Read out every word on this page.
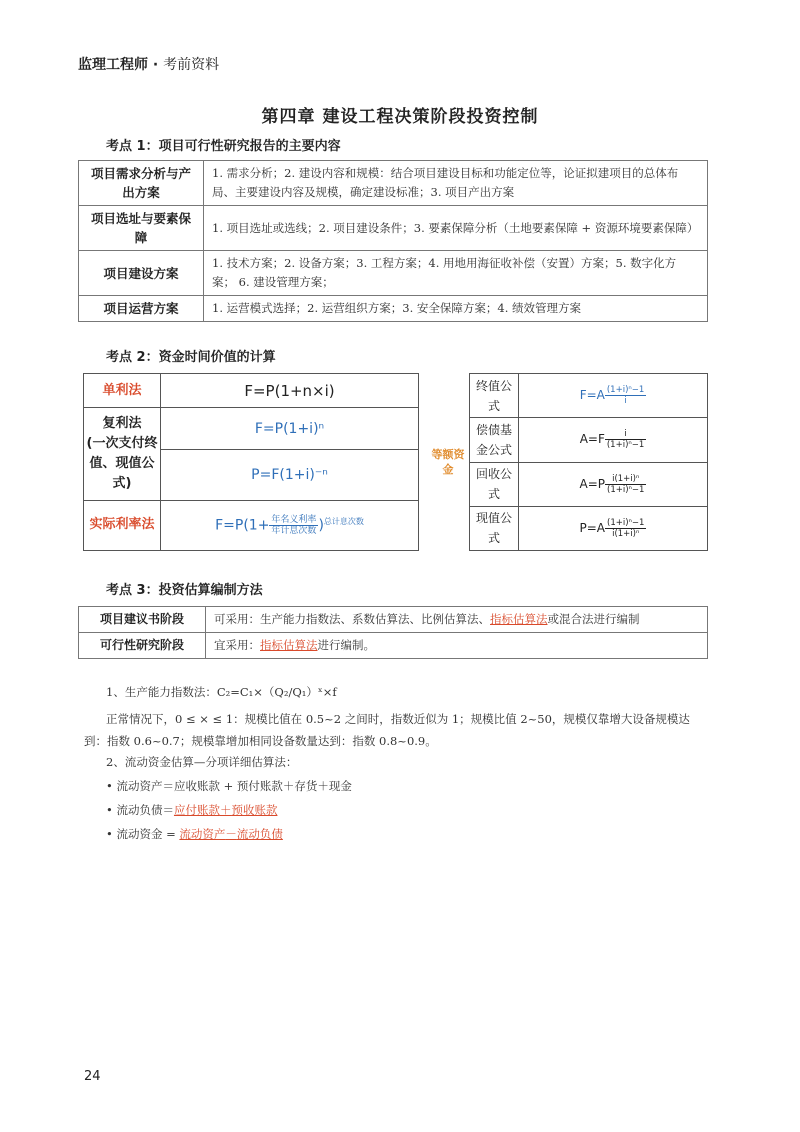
监理工程师 · 考前资料
第四章 建设工程决策阶段投资控制
考点 1：项目可行性研究报告的主要内容
项目需求分析与产出方案	1. 需求分析；2. 建设内容和规模：结合项目建设目标和功能定位等，论证拟建项目的总体布局、主要建设内容及规模，确定建设标准；3. 项目产出方案
项目选址与要素保障	1. 项目选址或选线；2. 项目建设条件；3. 要素保障分析（土地要素保障 + 资源环境要素保障）
项目建设方案	1. 技术方案；2. 设备方案；3. 工程方案；4. 用地用海征收补偿（安置）方案；5. 数字化方案； 6. 建设管理方案；
项目运营方案	1. 运营模式选择；2. 运营组织方案；3. 安全保障方案；4. 绩效管理方案
考点 2：资金时间价值的计算
单利法	F=P(1+n×i)

复利法
(一次支付终值、现值公式)	F=P(1+i)ⁿ
	P=F(1+i)⁻ⁿ
实际利率法	$F=P(1+ \frac{\text{年名义利率}}{\text{年计息次数}} )^{总计息次数}$
等额资金	终值公式	$F=A \frac{\text{(1+i)ⁿ−1}}{i}$

	偿债基金公式	$A=F \frac{i}{\text{(1+i)ⁿ−1}}$

	回收公式	$A=P \frac{\text{i(1+i)ⁿ}}{\text{(1+i)ⁿ−1}}$

	现值公式	$P=A \frac{\text{(1+i)ⁿ−1}}{\text{i(1+i)ⁿ}}$
考点 3：投资估算编制方法
项目建议书阶段	可采用：生产能力指数法、系数估算法、比例估算法、指标估算法或混合法进行编制
可行性研究阶段	宜采用：指标估算法进行编制。
1、生产能力指数法：C₂=C₁×（Q₂/Q₁）ˣ×f
正常情况下，0 ≤ × ≤ 1：规模比值在 0.5~2 之间时，指数近似为 1；规模比值 2~50，规模仅靠增大设备规模达到：指数 0.6~0.7；规模靠增加相同设备数量达到：指数 0.8~0.9。
2、流动资金估算—分项详细估算法：
• 流动资产＝应收账款 + 预付账款＋存货＋现金
• 流动负债＝应付账款＋预收账款
• 流动资金 = 流动资产－流动负债
24
